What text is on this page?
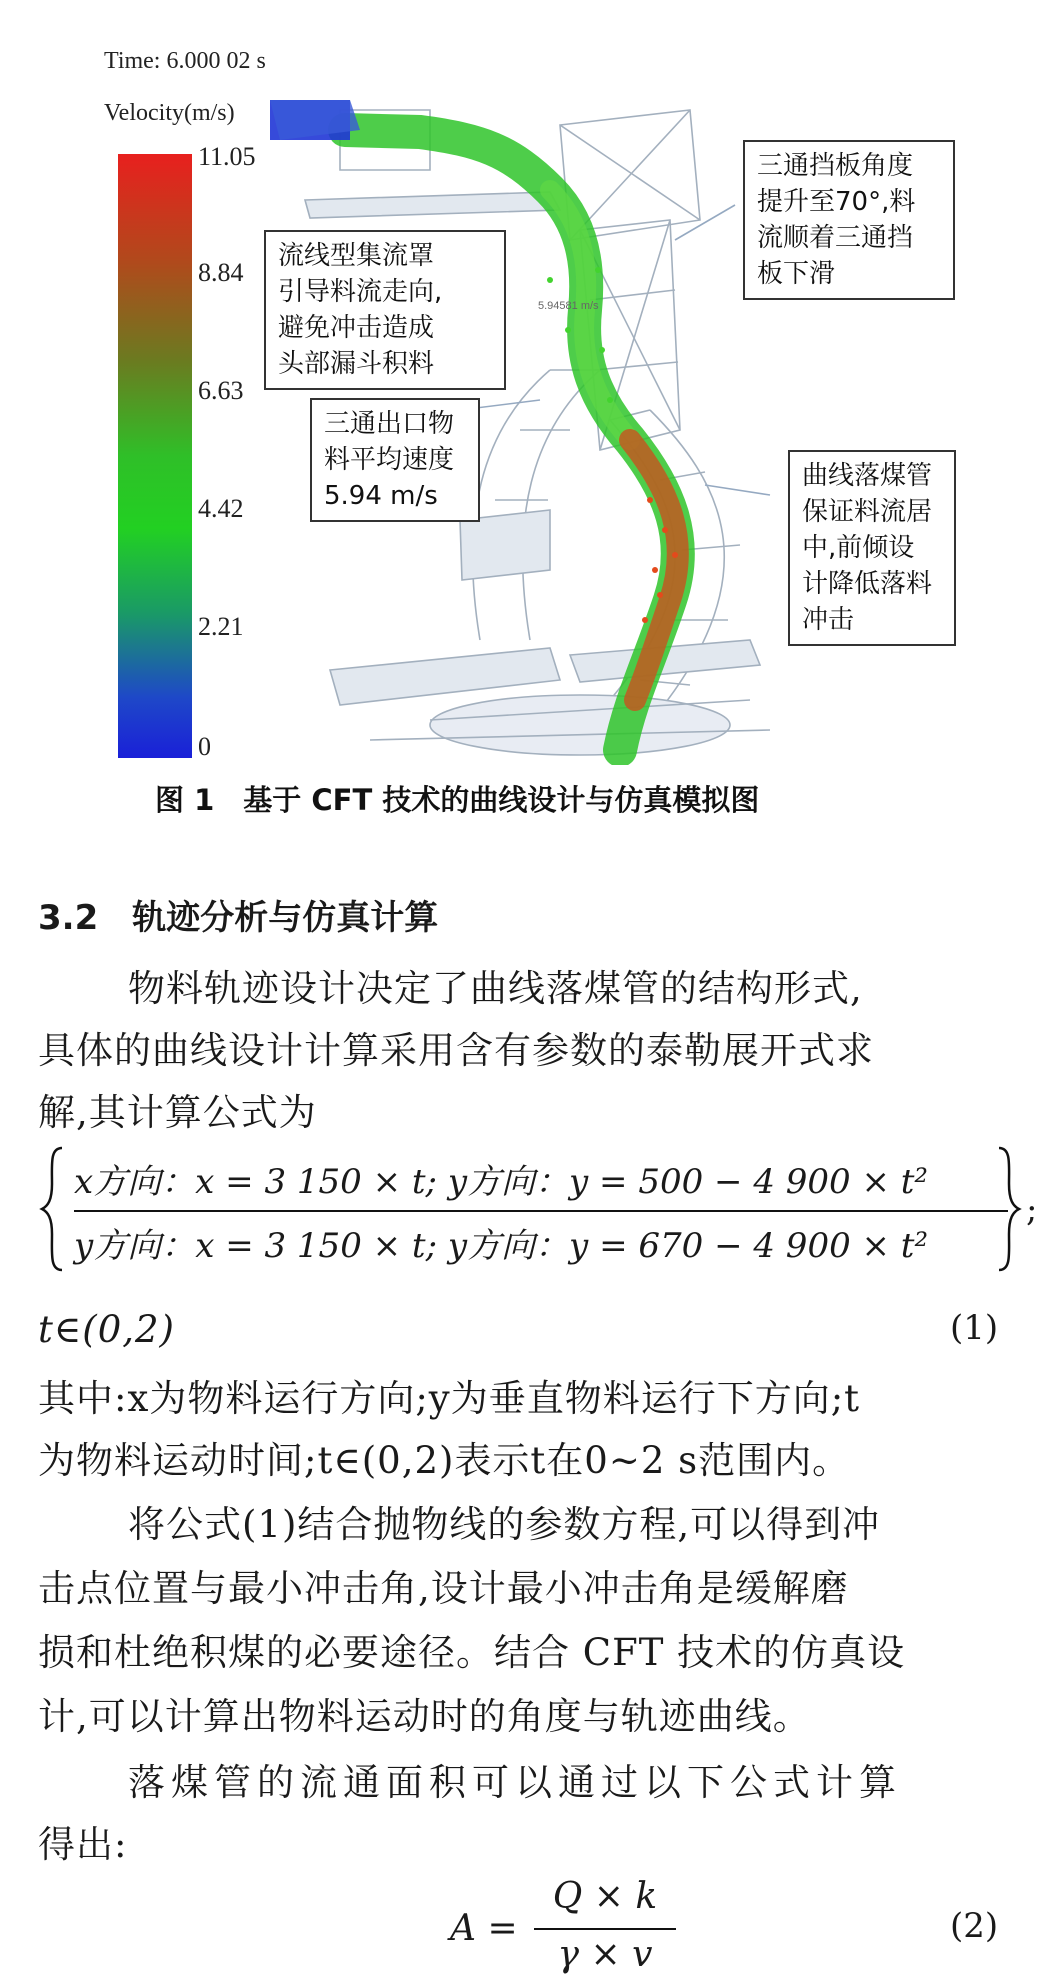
Time: 6.000 02 s
Velocity(m/s)
11.05
8.84
6.63
4.42
2.21
0
5.94581 m/s
三通挡板角度
提升至70°,料
流顺着三通挡
板下滑
流线型集流罩
引导料流走向,
避免冲击造成
头部漏斗积料
三通出口物
料平均速度
5.94 m/s
曲线落煤管
保证料流居
中,前倾设
计降低落料
冲击
图 1　基于 CFT 技术的曲线设计与仿真模拟图
3.2　轨迹分析与仿真计算
物料轨迹设计决定了曲线落煤管的结构形式,
具体的曲线设计计算采用含有参数的泰勒展开式求
解,其计算公式为
x方向：x = 3 150 × t; y方向：y = 500 − 4 900 × t²
y方向：x = 3 150 × t; y方向：y = 670 − 4 900 × t²
;
t∈(0,2)	(1)
其中:x为物料运行方向;y为垂直物料运行下方向;t
为物料运动时间;t∈(0,2)表示t在0~2 s范围内。
将公式(1)结合抛物线的参数方程,可以得到冲
击点位置与最小冲击角,设计最小冲击角是缓解磨
损和杜绝积煤的必要途径。结合 CFT 技术的仿真设
计,可以计算出物料运动时的角度与轨迹曲线。
落煤管的流通面积可以通过以下公式计算
得出:
A =
Q × k
γ × v
(2)
